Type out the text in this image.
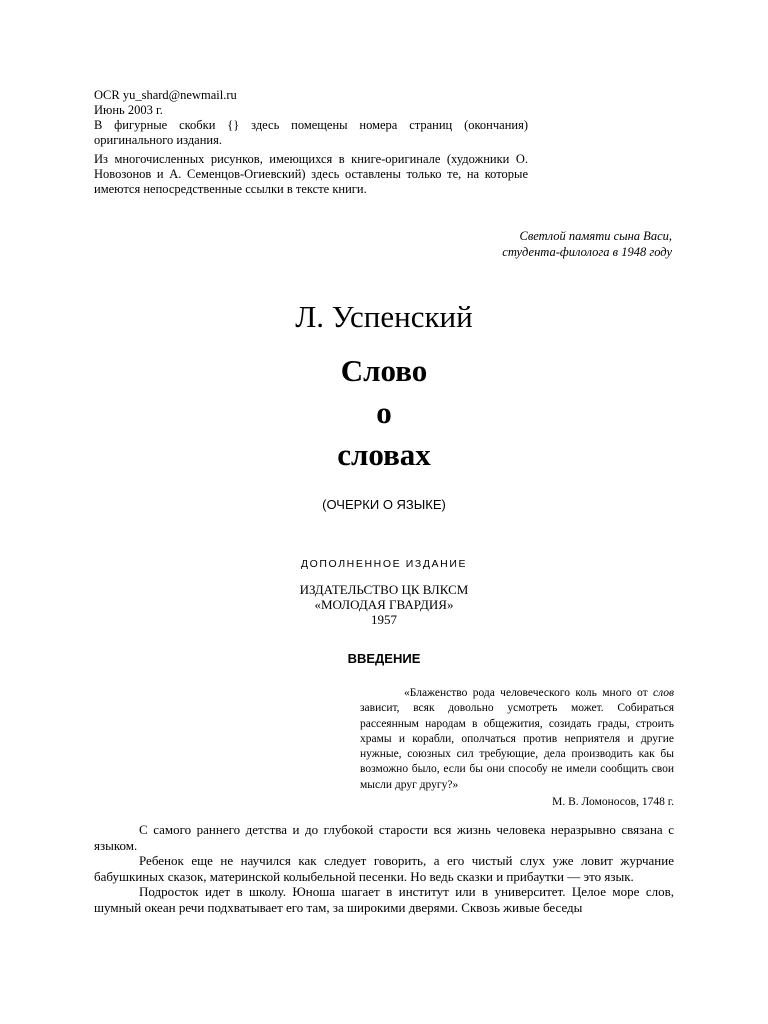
OCR yu_shard@newmail.ru

Июнь 2003 г.

В фигурные скобки {} здесь помещены номера страниц (окончания) оригинального издания.

Из многочисленных рисунков, имеющихся в книге-оригинале (художники О. Новозонов и А. Семенцов-Огиевский) здесь оставлены только те, на которые имеются непосредственные ссылки в тексте книги.

Светлой памяти сына Васи,
студента-филолога в 1948 году
Л. Успенский
Слово
о
словах
(ОЧЕРКИ О ЯЗЫКЕ)
ДОПОЛНЕННОЕ ИЗДАНИЕ
ИЗДАТЕЛЬСТВО ЦК ВЛКСМ
«МОЛОДАЯ ГВАРДИЯ»
1957
ВВЕДЕНИЕ

«Блаженство рода человеческого коль много от слов зависит, всяк довольно усмотреть может. Собираться рассеянным народам в общежития, созидать грады, строить храмы и корабли, ополчаться против неприятеля и другие нужные, союзных сил требующие, дела производить как бы возможно было, если бы они способу не имели сообщить свои мысли друг другу?»

М. В. Ломоносов, 1748 г.

С самого раннего детства и до глубокой старости вся жизнь человека неразрывно связана с языком.

Ребенок еще не научился как следует говорить, а его чистый слух уже ловит журчание бабушкиных сказок, материнской колыбельной песенки. Но ведь сказки и прибаутки — это язык.

Подросток идет в школу. Юноша шагает в институт или в университет. Целое море слов, шумный океан речи подхватывает его там, за широкими дверями. Сквозь живые беседы
